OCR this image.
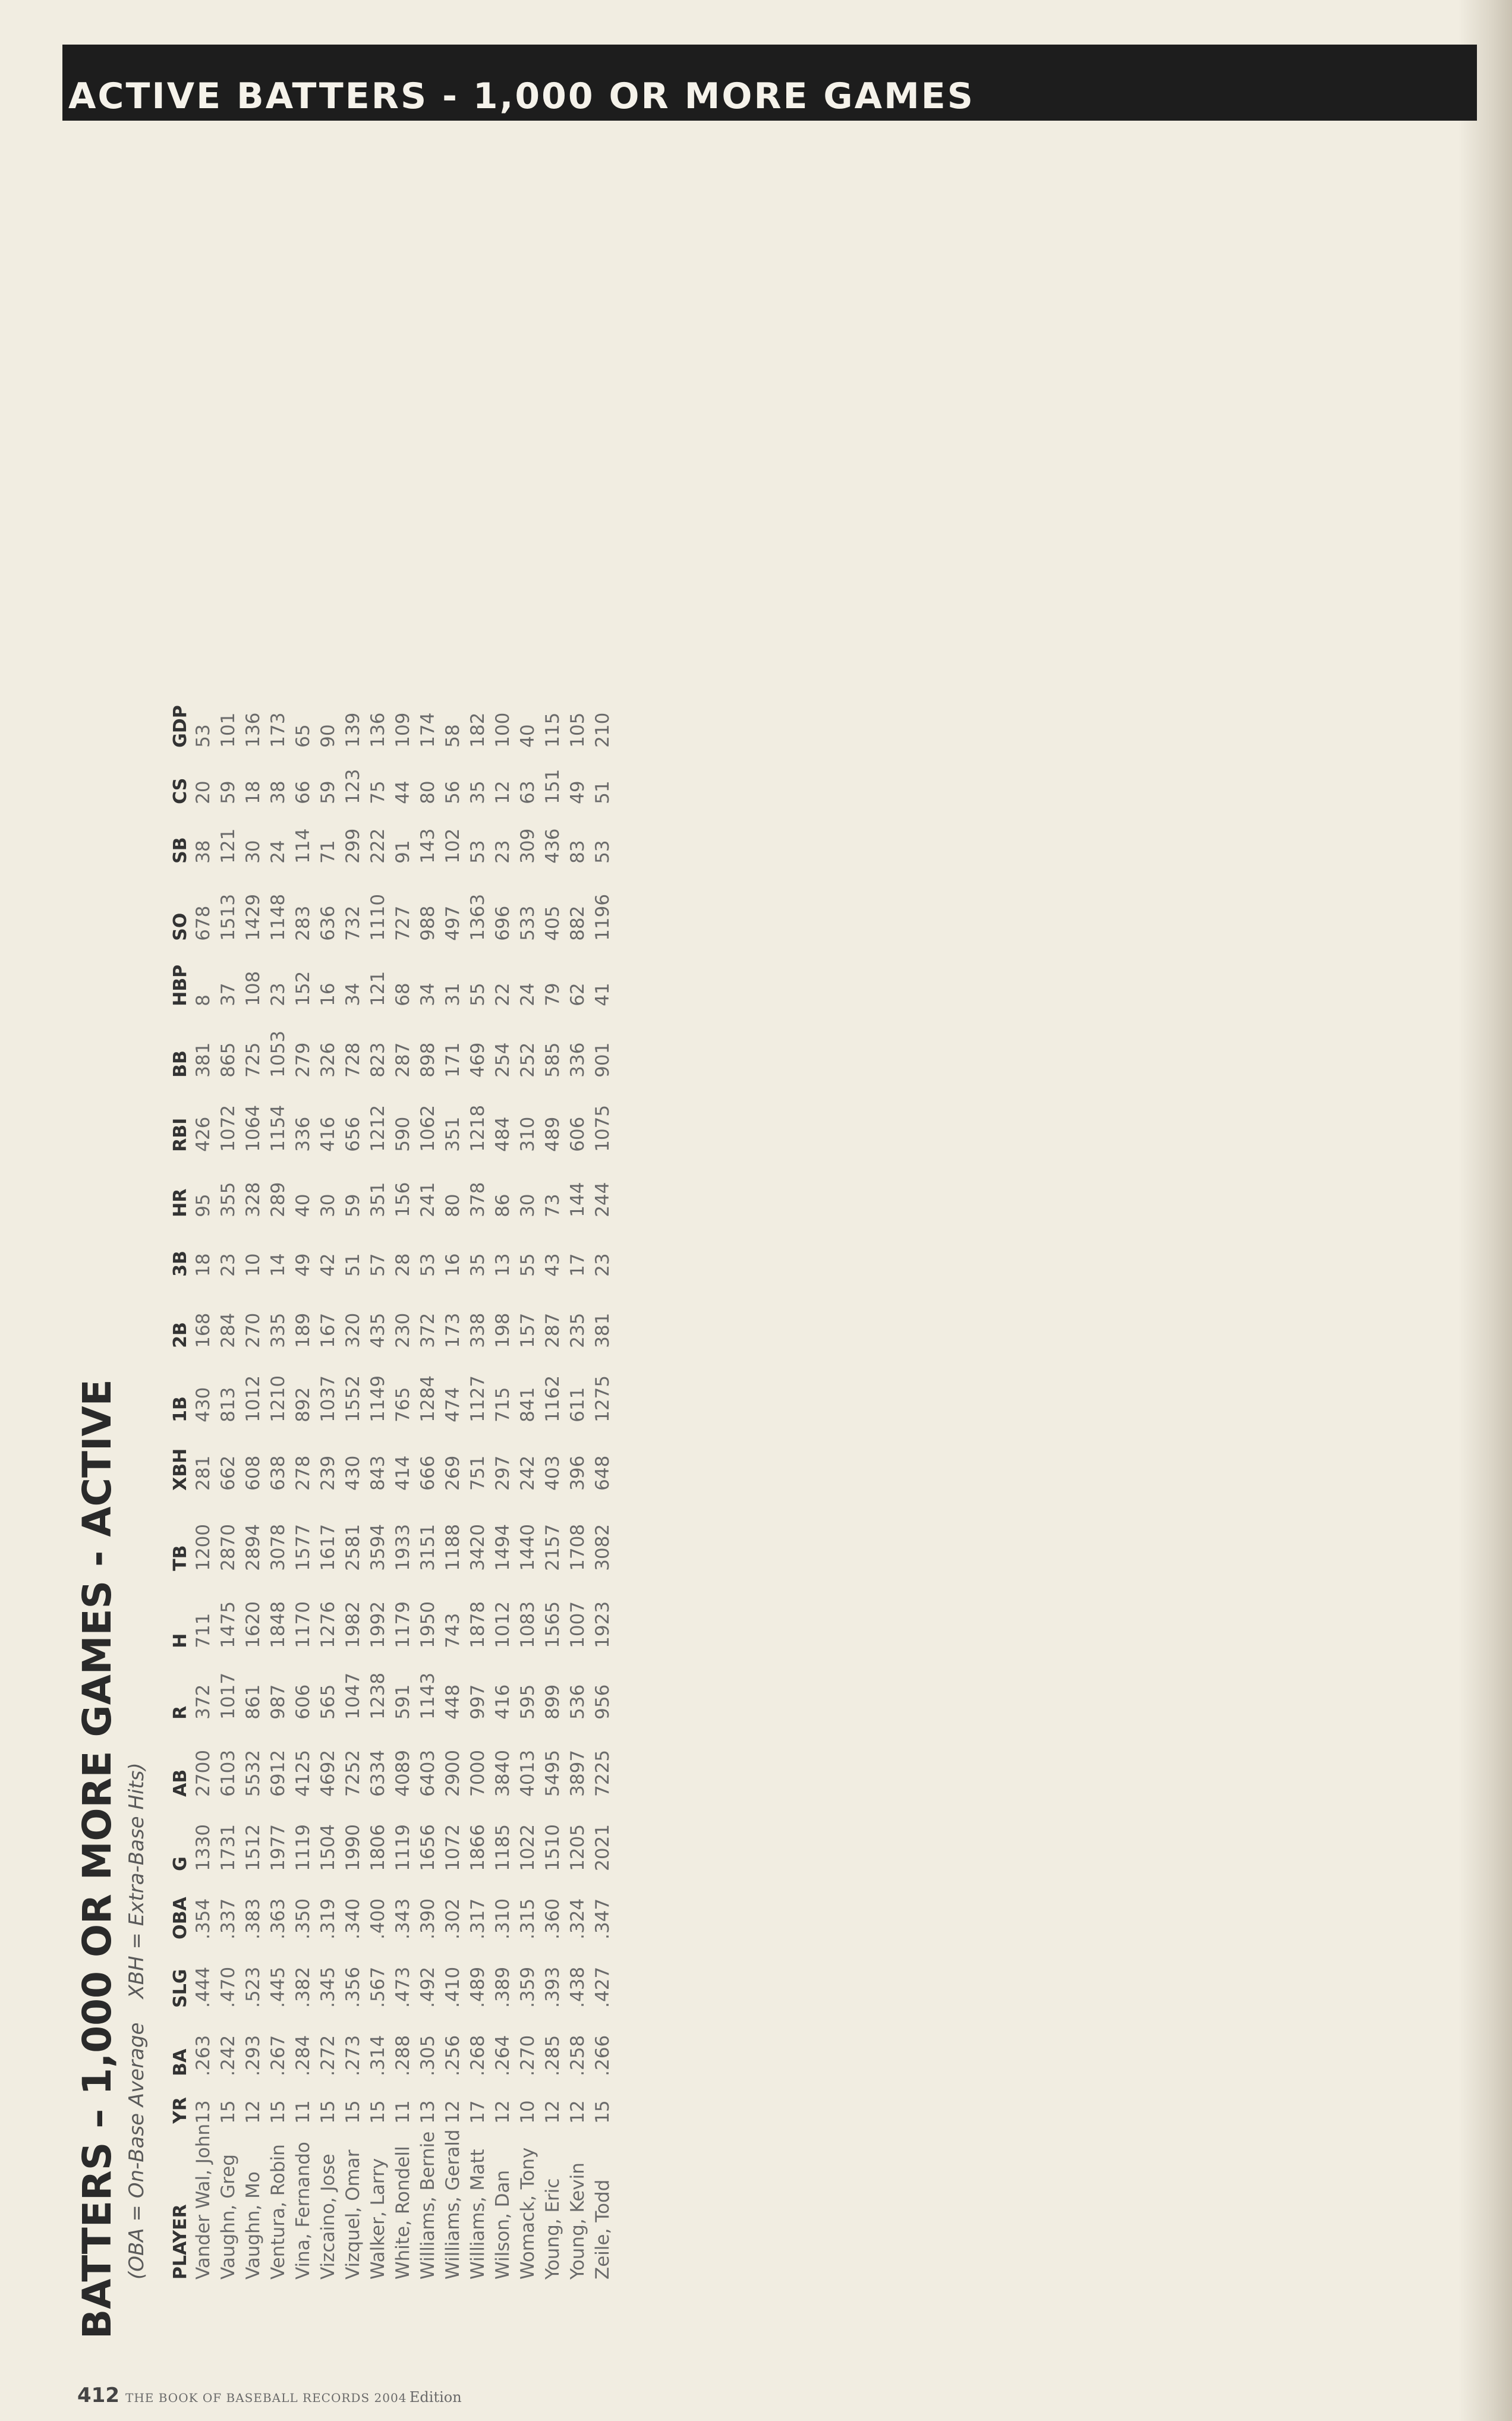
ACTIVE BATTERS - 1,000 OR MORE GAMES
BATTERS – 1,000 OR MORE GAMES - ACTIVE (OBA = On-Base AverageXBH = Extra-Base Hits)
PLAYER	YR	BA	SLG	OBA	G	AB	R	H	TB	XBH	1B	2B	3B	HR	RBI	BB	HBP	SO	SB	CS	GDP
Vander Wal, John	13	.263	.444	.354	1330	2700	372	711	1200	281	430	168	18	95	426	381	8	678	38	20	53
Vaughn, Greg	15	.242	.470	.337	1731	6103	1017	1475	2870	662	813	284	23	355	1072	865	37	1513	121	59	101
Vaughn, Mo	12	.293	.523	.383	1512	5532	861	1620	2894	608	1012	270	10	328	1064	725	108	1429	30	18	136
Ventura, Robin	15	.267	.445	.363	1977	6912	987	1848	3078	638	1210	335	14	289	1154	1053	23	1148	24	38	173
Vina, Fernando	11	.284	.382	.350	1119	4125	606	1170	1577	278	892	189	49	40	336	279	152	283	114	66	65
Vizcaino, Jose	15	.272	.345	.319	1504	4692	565	1276	1617	239	1037	167	42	30	416	326	16	636	71	59	90
Vizquel, Omar	15	.273	.356	.340	1990	7252	1047	1982	2581	430	1552	320	51	59	656	728	34	732	299	123	139
Walker, Larry	15	.314	.567	.400	1806	6334	1238	1992	3594	843	1149	435	57	351	1212	823	121	1110	222	75	136
White, Rondell	11	.288	.473	.343	1119	4089	591	1179	1933	414	765	230	28	156	590	287	68	727	91	44	109
Williams, Bernie	13	.305	.492	.390	1656	6403	1143	1950	3151	666	1284	372	53	241	1062	898	34	988	143	80	174
Williams, Gerald	12	.256	.410	.302	1072	2900	448	743	1188	269	474	173	16	80	351	171	31	497	102	56	58
Williams, Matt	17	.268	.489	.317	1866	7000	997	1878	3420	751	1127	338	35	378	1218	469	55	1363	53	35	182
Wilson, Dan	12	.264	.389	.310	1185	3840	416	1012	1494	297	715	198	13	86	484	254	22	696	23	12	100
Womack, Tony	10	.270	.359	.315	1022	4013	595	1083	1440	242	841	157	55	30	310	252	24	533	309	63	40
Young, Eric	12	.285	.393	.360	1510	5495	899	1565	2157	403	1162	287	43	73	489	585	79	405	436	151	115
Young, Kevin	12	.258	.438	.324	1205	3897	536	1007	1708	396	611	235	17	144	606	336	62	882	83	49	105
Zeile, Todd	15	.266	.427	.347	2021	7225	956	1923	3082	648	1275	381	23	244	1075	901	41	1196	53	51	210
412 THE BOOK OF BASEBALL RECORDS 2004 Edition
